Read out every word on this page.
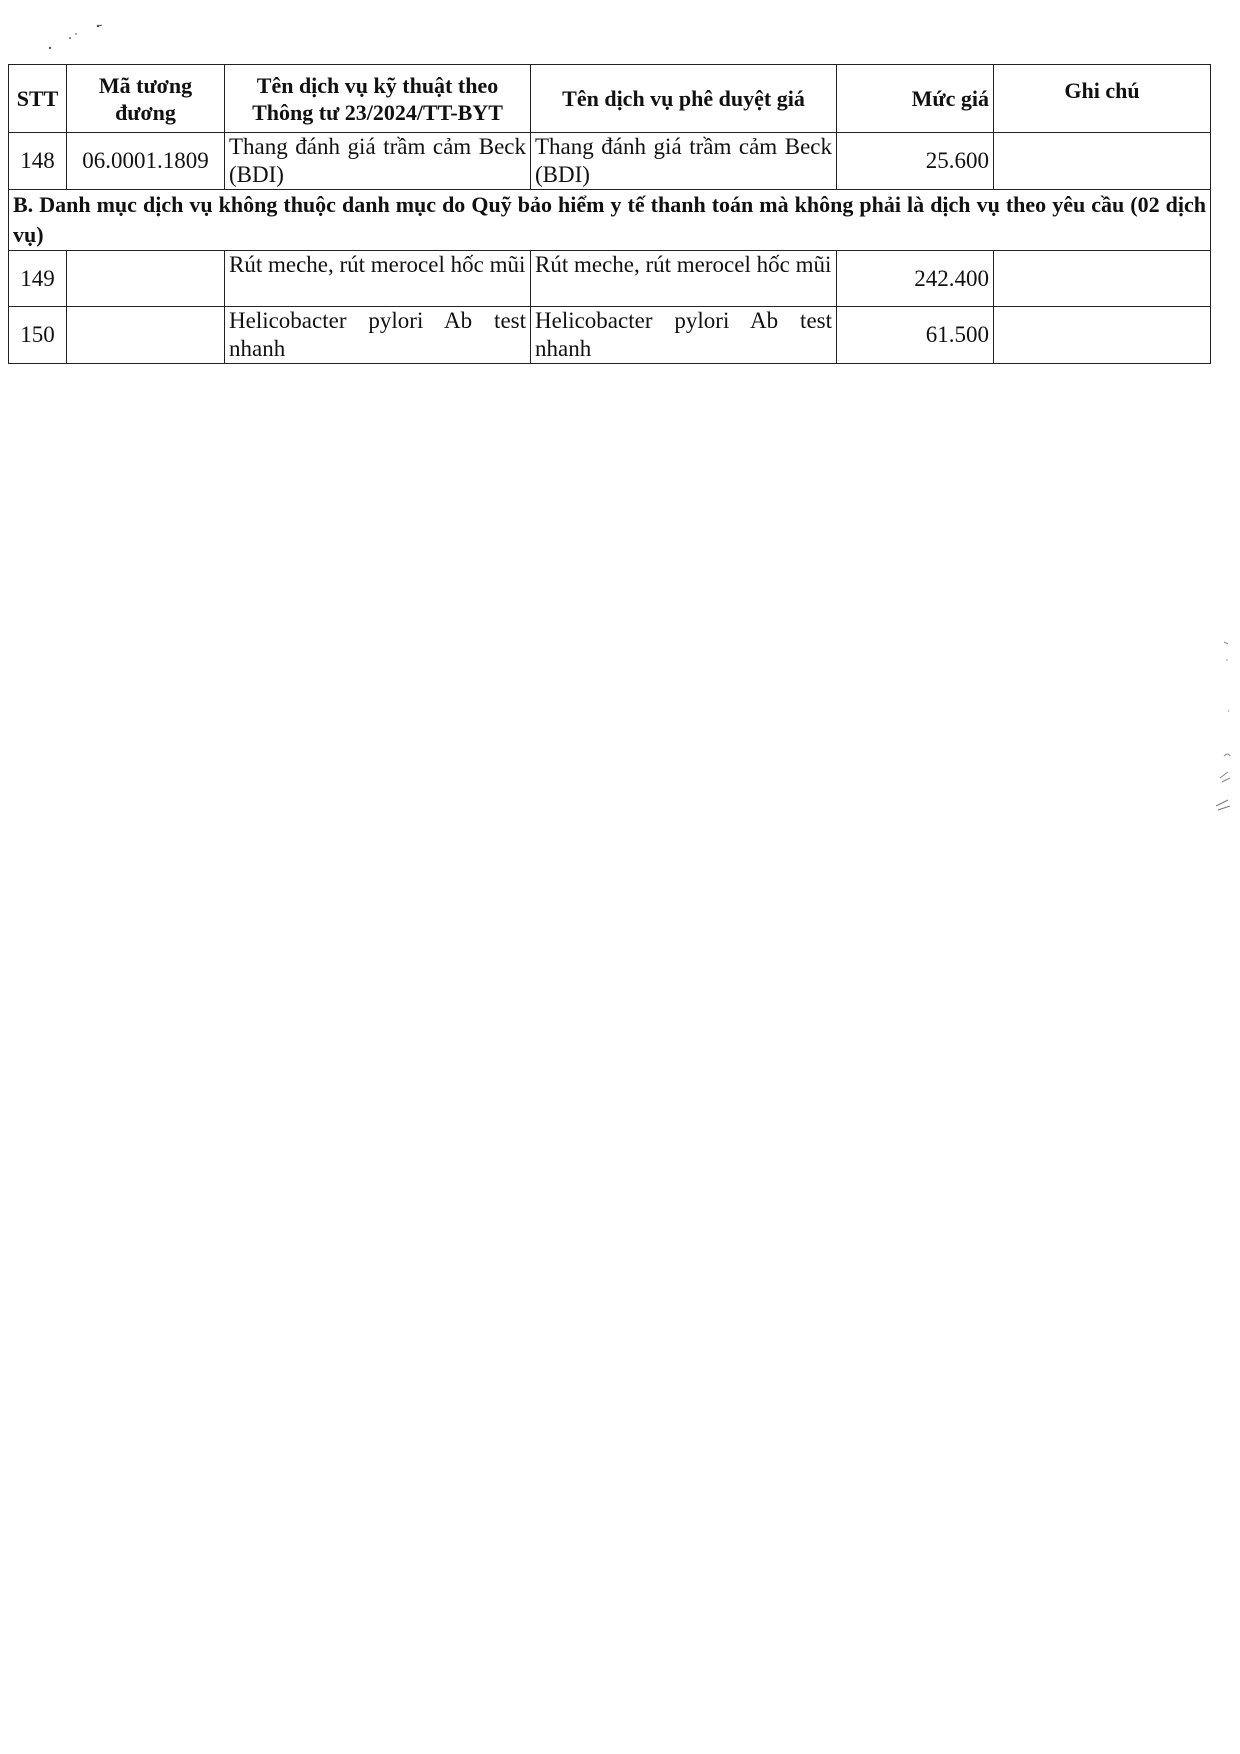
STT	Mã tương đương	Tên dịch vụ kỹ thuật theo Thông tư 23/2024/TT-BYT	Tên dịch vụ phê duyệt giá	Mức giá	Ghi chú
148	06.0001.1809	Thang đánh giá trầm cảm Beck (BDI)	Thang đánh giá trầm cảm Beck (BDI)	25.600	
B. Danh mục dịch vụ không thuộc danh mục do Quỹ bảo hiểm y tế thanh toán mà không phải là dịch vụ theo yêu cầu (02 dịch vụ)					
149		Rút meche, rút merocel hốc mũi	Rút meche, rút merocel hốc mũi	242.400	
150		Helicobacter pylori Ab test nhanh	Helicobacter pylori Ab test nhanh	61.500	
